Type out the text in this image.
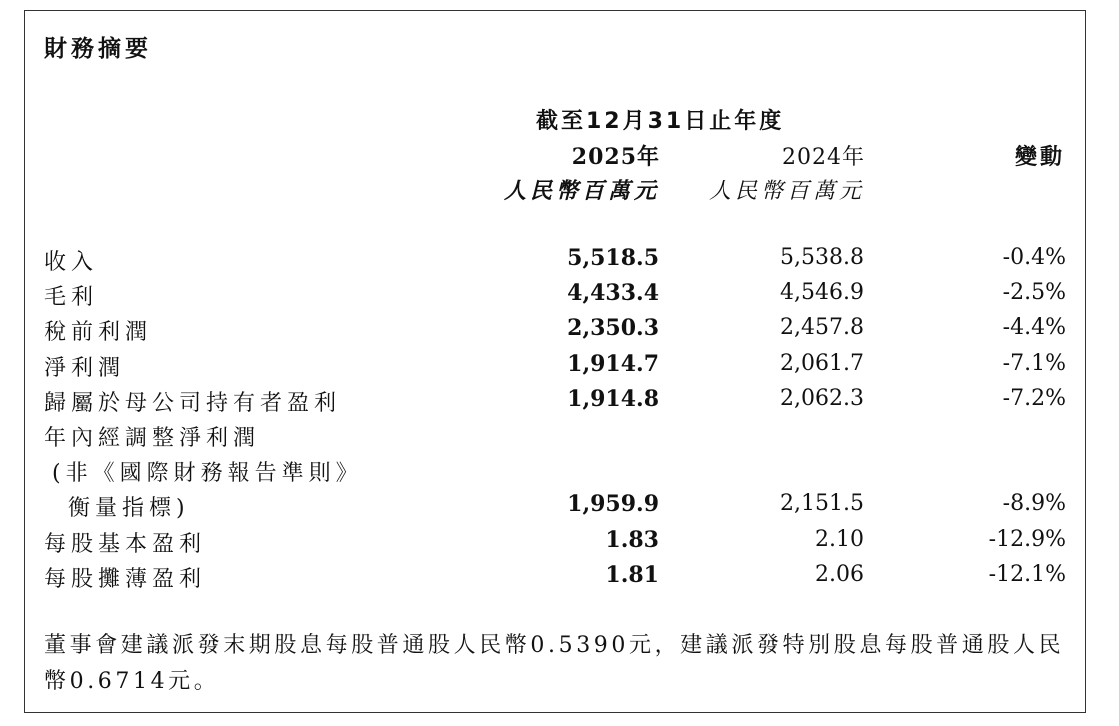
財務摘要
截至12月31日止年度
2025年	2024年	變動
人民幣百萬元 人民幣百萬元
收入	5,518.5	5,538.8	-0.4%
毛利	4,433.4	4,546.9	-2.5%
稅前利潤	2,350.3	2,457.8	-4.4%
淨利潤	1,914.7	2,061.7	-7.1%
歸屬於母公司持有者盈利	1,914.8	2,062.3	-7.2%
年內經調整淨利潤
(非《國際財務報告準則》
衡量指標)	1,959.9	2,151.5	-8.9%
每股基本盈利	1.83	2.10	-12.9%
每股攤薄盈利	1.81	2.06	-12.1%
董事會建議派發末期股息每股普通股人民幣0.5390元，建議派發特別股息每股普通股人民幣0.6714元。
